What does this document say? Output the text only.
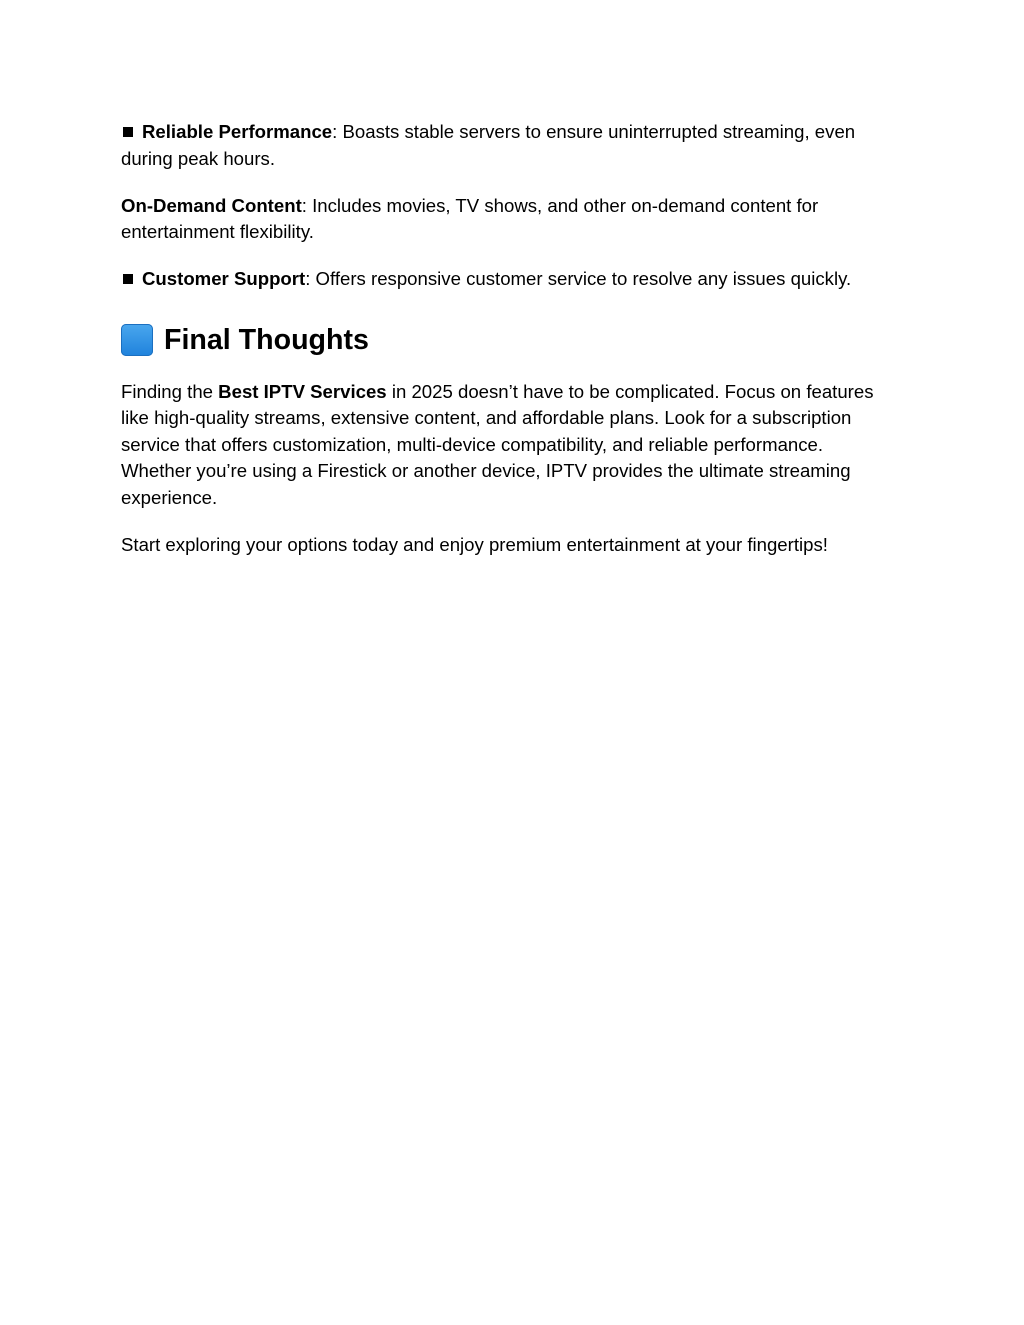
Reliable Performance: Boasts stable servers to ensure uninterrupted streaming, even during peak hours.

On-Demand Content: Includes movies, TV shows, and other on-demand content for entertainment flexibility.

Customer Support: Offers responsive customer service to resolve any issues quickly.

Final Thoughts

Finding the Best IPTV Services in 2025 doesn’t have to be complicated. Focus on features like high-quality streams, extensive content, and affordable plans. Look for a subscription service that offers customization, multi-device compatibility, and reliable performance. Whether you’re using a Firestick or another device, IPTV provides the ultimate streaming experience.

Start exploring your options today and enjoy premium entertainment at your fingertips!
